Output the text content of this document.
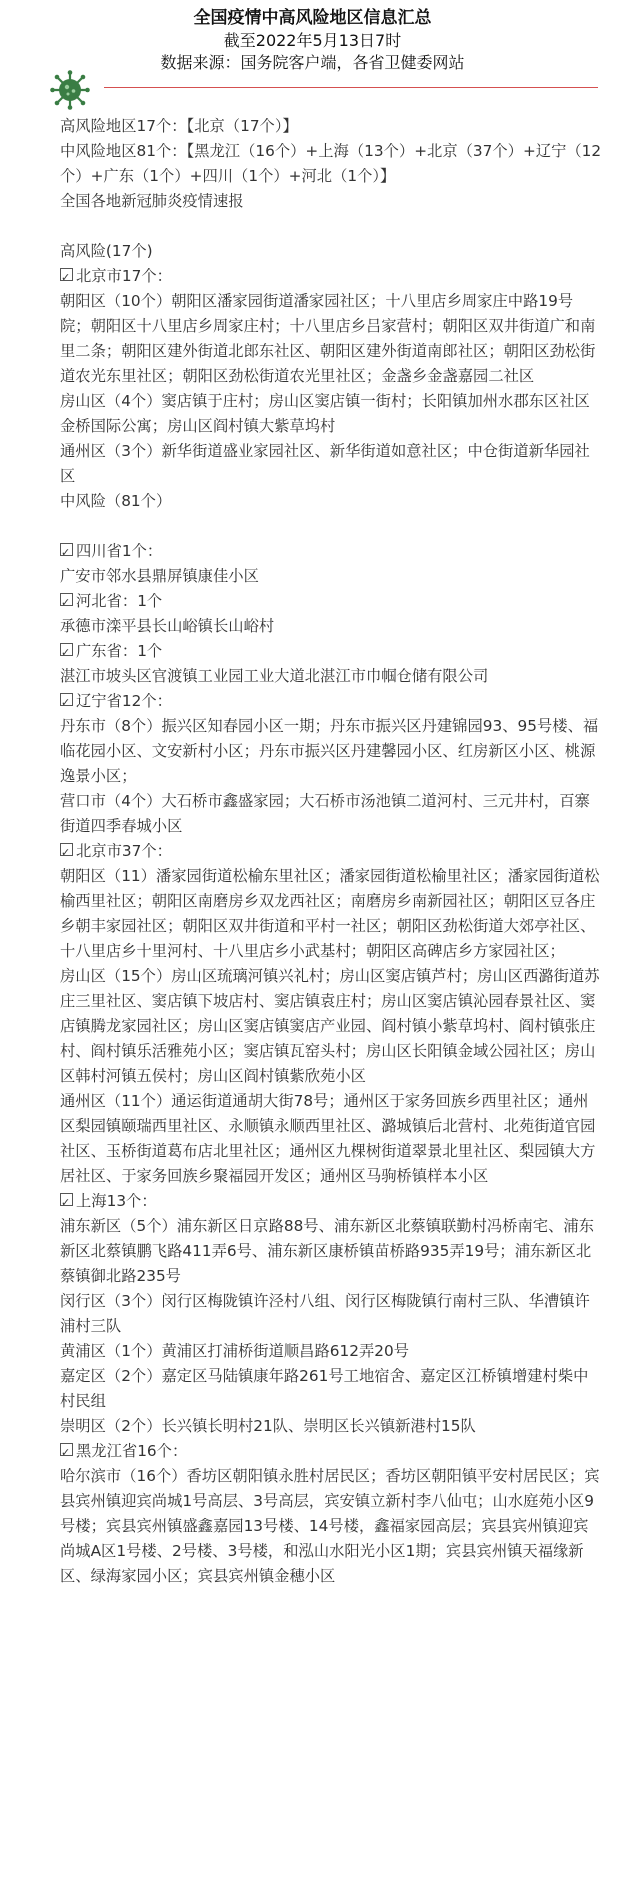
全国疫情中高风险地区信息汇总
截至2022年5月13日7时
数据来源：国务院客户端，各省卫健委网站

高风险地区17个：【北京（17个）】

中风险地区81个：【黑龙江（16个）+上海（13个）+北京（37个）+辽宁（12个）+广东（1个）+四川（1个）+河北（1个）】

全国各地新冠肺炎疫情速报

高风险(17个)

✓北京市17个：

朝阳区（10个）朝阳区潘家园街道潘家园社区；十八里店乡周家庄中路19号院；朝阳区十八里店乡周家庄村；十八里店乡吕家营村；朝阳区双井街道广和南里二条；朝阳区建外街道北郎东社区、朝阳区建外街道南郎社区；朝阳区劲松街道农光东里社区；朝阳区劲松街道农光里社区；金盏乡金盏嘉园二社区

房山区（4个）窦店镇于庄村；房山区窦店镇一街村；长阳镇加州水郡东区社区金桥国际公寓；房山区阎村镇大紫草坞村

通州区（3个）新华街道盛业家园社区、新华街道如意社区；中仓街道新华园社区

中风险（81个）

✓四川省1个：

广安市邻水县鼎屏镇康佳小区

✓河北省：1个

承德市滦平县长山峪镇长山峪村

✓广东省：1个

湛江市坡头区官渡镇工业园工业大道北湛江市巾帼仓储有限公司

✓辽宁省12个：

丹东市（8个）振兴区知春园小区一期；丹东市振兴区丹建锦园93、95号楼、福临花园小区、文安新村小区；丹东市振兴区丹建馨园小区、红房新区小区、桃源逸景小区；

营口市（4个）大石桥市鑫盛家园；大石桥市汤池镇二道河村、三元井村，百寨街道四季春城小区

✓北京市37个：

朝阳区（11）潘家园街道松榆东里社区；潘家园街道松榆里社区；潘家园街道松榆西里社区；朝阳区南磨房乡双龙西社区；南磨房乡南新园社区；朝阳区豆各庄乡朝丰家园社区；朝阳区双井街道和平村一社区；朝阳区劲松街道大郊亭社区、十八里店乡十里河村、十八里店乡小武基村；朝阳区高碑店乡方家园社区；

房山区（15个）房山区琉璃河镇兴礼村；房山区窦店镇芦村；房山区西潞街道苏庄三里社区、窦店镇下坡店村、窦店镇袁庄村；房山区窦店镇沁园春景社区、窦店镇腾龙家园社区；房山区窦店镇窦店产业园、阎村镇小紫草坞村、阎村镇张庄村、阎村镇乐活雅苑小区；窦店镇瓦窑头村；房山区长阳镇金域公园社区；房山区韩村河镇五侯村；房山区阎村镇紫欣苑小区

通州区（11个）通运街道通胡大街78号；通州区于家务回族乡西里社区；通州区梨园镇颐瑞西里社区、永顺镇永顺西里社区、潞城镇后北营村、北苑街道官园社区、玉桥街道葛布店北里社区；通州区九棵树街道翠景北里社区、梨园镇大方居社区、于家务回族乡聚福园开发区；通州区马驹桥镇样本小区

✓上海13个：

浦东新区（5个）浦东新区日京路88号、浦东新区北蔡镇联勤村冯桥南宅、浦东新区北蔡镇鹏飞路411弄6号、浦东新区康桥镇苗桥路935弄19号；浦东新区北蔡镇御北路235号

闵行区（3个）闵行区梅陇镇许泾村八组、闵行区梅陇镇行南村三队、华漕镇许浦村三队

黄浦区（1个）黄浦区打浦桥街道顺昌路612弄20号

嘉定区（2个）嘉定区马陆镇康年路261号工地宿舍、嘉定区江桥镇增建村柴中村民组

崇明区（2个）长兴镇长明村21队、崇明区长兴镇新港村15队

✓黑龙江省16个：

哈尔滨市（16个）香坊区朝阳镇永胜村居民区；香坊区朝阳镇平安村居民区；宾县宾州镇迎宾尚城1号高层、3号高层，宾安镇立新村李八仙屯；山水庭苑小区9号楼；宾县宾州镇盛鑫嘉园13号楼、14号楼，鑫福家园高层；宾县宾州镇迎宾尚城A区1号楼、2号楼、3号楼，和泓山水阳光小区1期；宾县宾州镇天福缘新区、绿海家园小区；宾县宾州镇金穗小区
